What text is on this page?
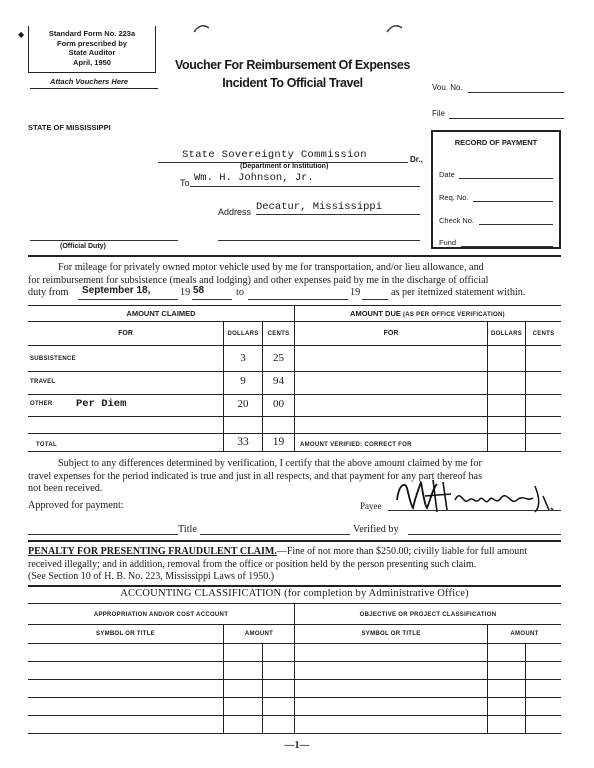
◆	Standard Form No. 223a
Form prescribed by
State Auditor
April, 1950
Attach Vouchers Here
Voucher For Reimbursement Of Expenses
Incident To Official Travel	Vou. No.
File
STATE OF MISSISSIPPI
State Sovereignty Commission	Dr.,
(Department or Institution)
To Wm. H. Johnson, Jr.
Address Decatur, Mississippi
(Official Duty)
RECORD OF PAYMENT
Date
Req. No.
Check No.
Fund
For mileage for privately owned motor vehicle used by me for transportation, and/or lieu allowance, and
for reimbursement for subsistence (meals and lodging) and other expenses paid by me in the discharge of official
duty from September 18,	19 58	to	19	as per itemized statement within.
AMOUNT CLAIMED	AMOUNT DUE (AS PER OFFICE VERIFICATION)
FOR	DOLLARS	CENTS	FOR	DOLLARS	CENTS
SUBSISTENCE	3	25
TRAVEL	9	94
OTHER Per Diem	20	00
TOTAL	33	19	AMOUNT VERIFIED: CORRECT FOR
Subject to any differences determined by verification, I certify that the above amount claimed by me for
travel expenses for the period indicated is true and just in all respects, and that payment for any part thereof has
not been received.
Approved for payment:	Payee
Title	Verified by
PENALTY FOR PRESENTING FRAUDULENT CLAIM.—Fine of not more than $250.00; civilly liable for full amount
received illegally; and in addition, removal from the office or position held by the person presenting such claim.
(See Section 10 of H. B. No. 223, Mississippi Laws of 1950.)
ACCOUNTING CLASSIFICATION (for completion by Administrative Office)
APPROPRIATION AND/OR COST ACCOUNT	OBJECTIVE OR PROJECT CLASSIFICATION
SYMBOL OR TITLE	AMOUNT	SYMBOL OR TITLE	AMOUNT
—1—
